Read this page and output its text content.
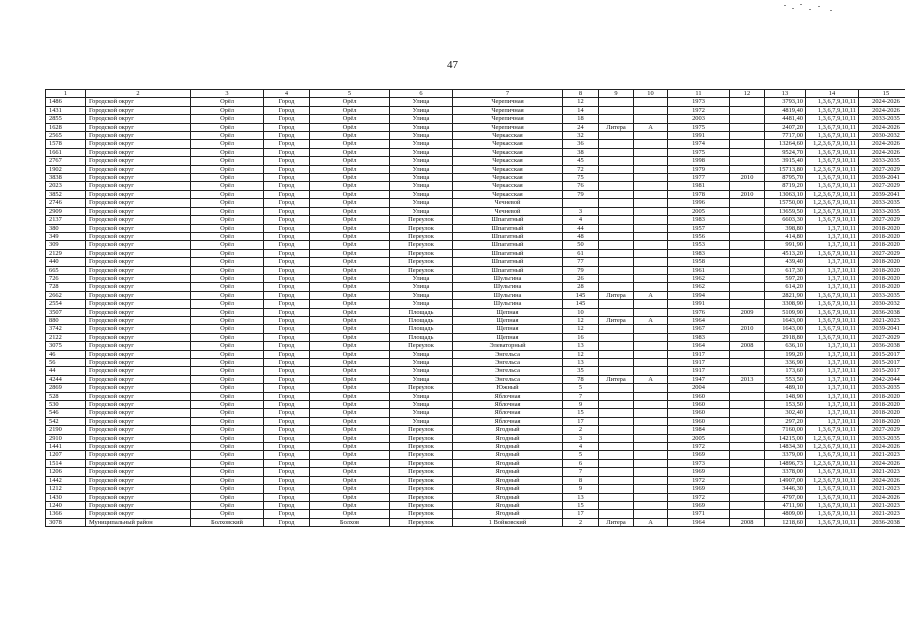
47
1	2	3	4	5	6	7	8	9	10	11	12	13	14	15
1486	Городской округ	Орёл	Город	Орёл	Улица	Черепичная	12			1973		3793,10	1,3,6,7,9,10,11	2024-2026
1431	Городской округ	Орёл	Город	Орёл	Улица	Черепичная	14			1972		4819,40	1,3,6,7,9,10,11	2024-2026
2855	Городской округ	Орёл	Город	Орёл	Улица	Черепичная	18			2003		4481,40	1,3,6,7,9,10,11	2033-2035
1628	Городской округ	Орёл	Город	Орёл	Улица	Черепичная	24	Литера	А	1975		2407,20	1,3,6,7,9,10,11	2024-2026
2565	Городской округ	Орёл	Город	Орёл	Улица	Черкасская	32			1991		7717,00	1,3,6,7,9,10,11	2030-2032
1578	Городской округ	Орёл	Город	Орёл	Улица	Черкасская	36			1974		13264,60	1,2,3,6,7,9,10,11	2024-2026
1661	Городской округ	Орёл	Город	Орёл	Улица	Черкасская	38			1975		9524,70	1,3,6,7,9,10,11	2024-2026
2767	Городской округ	Орёл	Город	Орёл	Улица	Черкасская	45			1998		3915,40	1,3,6,7,9,10,11	2033-2035
1902	Городской округ	Орёл	Город	Орёл	Улица	Черкасская	72			1979		15713,80	1,2,3,6,7,9,10,11	2027-2029
3838	Городской округ	Орёл	Город	Орёл	Улица	Черкасская	75			1977	2010	8795,70	1,3,6,7,9,10,11	2039-2041
2023	Городской округ	Орёл	Город	Орёл	Улица	Черкасская	76			1981		8719,20	1,3,6,7,9,10,11	2027-2029
3852	Городской округ	Орёл	Город	Орёл	Улица	Черкасская	79			1978	2010	13063,10	1,2,3,6,7,9,10,11	2039-2041
2746	Городской округ	Орёл	Город	Орёл	Улица	Чечневой				1996		15750,00	1,2,3,6,7,9,10,11	2033-2035
2909	Городской округ	Орёл	Город	Орёл	Улица	Чечневой	3			2005		13659,50	1,2,3,6,7,9,10,11	2033-2035
2137	Городской округ	Орёл	Город	Орёл	Переулок	Шпагатный	4			1983		6603,30	1,3,6,7,9,10,11	2027-2029
380	Городской округ	Орёл	Город	Орёл	Переулок	Шпагатный	44			1957		398,80	1,3,7,10,11	2018-2020
349	Городской округ	Орёл	Город	Орёл	Переулок	Шпагатный	48			1956		414,80	1,3,7,10,11	2018-2020
309	Городской округ	Орёл	Город	Орёл	Переулок	Шпагатный	50			1953		991,90	1,3,7,10,11	2018-2020
2129	Городской округ	Орёл	Город	Орёл	Переулок	Шпагатный	61			1983		4513,20	1,3,6,7,9,10,11	2027-2029
440	Городской округ	Орёл	Город	Орёл	Переулок	Шпагатный	77			1958		439,40	1,3,7,10,11	2018-2020
665	Городской округ	Орёл	Город	Орёл	Переулок	Шпагатный	79			1961		617,30	1,3,7,10,11	2018-2020
726	Городской округ	Орёл	Город	Орёл	Улица	Шульгина	26			1962		597,20	1,3,7,10,11	2018-2020
728	Городской округ	Орёл	Город	Орёл	Улица	Шульгина	28			1962		614,20	1,3,7,10,11	2018-2020
2662	Городской округ	Орёл	Город	Орёл	Улица	Шульгина	145	Литера	А	1994		2821,90	1,3,6,7,9,10,11	2033-2035
2554	Городской округ	Орёл	Город	Орёл	Улица	Шульгина	145			1991		3308,90	1,3,6,7,9,10,11	2030-2032
3507	Городской округ	Орёл	Город	Орёл	Площадь	Щепная	10			1976	2009	5109,90	1,3,6,7,9,10,11	2036-2038
880	Городской округ	Орёл	Город	Орёл	Площадь	Щепная	12	Литера	А	1964		1643,00	1,3,6,7,9,10,11	2021-2023
3742	Городской округ	Орёл	Город	Орёл	Площадь	Щепная	12			1967	2010	1643,00	1,3,6,7,9,10,11	2039-2041
2122	Городской округ	Орёл	Город	Орёл	Площадь	Щепная	16			1983		2918,80	1,3,6,7,9,10,11	2027-2029
3075	Городской округ	Орёл	Город	Орёл	Переулок	Элеваторный	13			1964	2008	636,10	1,3,7,10,11	2036-2038
46	Городской округ	Орёл	Город	Орёл	Улица	Энгельса	12			1917		199,20	1,3,7,10,11	2015-2017
56	Городской округ	Орёл	Город	Орёл	Улица	Энгельса	13			1917		336,90	1,3,7,10,11	2015-2017
44	Городской округ	Орёл	Город	Орёл	Улица	Энгельса	35			1917		173,60	1,3,7,10,11	2015-2017
4244	Городской округ	Орёл	Город	Орёл	Улица	Энгельса	78	Литера	А	1947	2013	553,50	1,3,7,10,11	2042-2044
2869	Городской округ	Орёл	Город	Орёл	Переулок	Южный	5			2004		489,10	1,3,7,10,11	2033-2035
528	Городской округ	Орёл	Город	Орёл	Улица	Яблочная	7			1960		148,90	1,3,7,10,11	2018-2020
530	Городской округ	Орёл	Город	Орёл	Улица	Яблочная	9			1960		153,50	1,3,7,10,11	2018-2020
546	Городской округ	Орёл	Город	Орёл	Улица	Яблочная	15			1960		302,40	1,3,7,10,11	2018-2020
542	Городской округ	Орёл	Город	Орёл	Улица	Яблочная	17			1960		297,20	1,3,7,10,11	2018-2020
2190	Городской округ	Орёл	Город	Орёл	Переулок	Ягодный	2			1984		7160,00	1,3,6,7,9,10,11	2027-2029
2910	Городской округ	Орёл	Город	Орёл	Переулок	Ягодный	3			2005		14215,00	1,2,3,6,7,9,10,11	2033-2035
1441	Городской округ	Орёл	Город	Орёл	Переулок	Ягодный	4			1972		14834,30	1,2,3,6,7,9,10,11	2024-2026
1207	Городской округ	Орёл	Город	Орёл	Переулок	Ягодный	5			1969		3379,00	1,3,6,7,9,10,11	2021-2023
1514	Городской округ	Орёл	Город	Орёл	Переулок	Ягодный	6			1973		14896,73	1,2,3,6,7,9,10,11	2024-2026
1206	Городской округ	Орёл	Город	Орёл	Переулок	Ягодный	7			1969		3378,00	1,3,6,7,9,10,11	2021-2023
1442	Городской округ	Орёл	Город	Орёл	Переулок	Ягодный	8			1972		14907,00	1,2,3,6,7,9,10,11	2024-2026
1212	Городской округ	Орёл	Город	Орёл	Переулок	Ягодный	9			1969		3446,30	1,3,6,7,9,10,11	2021-2023
1430	Городской округ	Орёл	Город	Орёл	Переулок	Ягодный	13			1972		4797,00	1,3,6,7,9,10,11	2024-2026
1240	Городской округ	Орёл	Город	Орёл	Переулок	Ягодный	15			1969		4711,90	1,3,6,7,9,10,11	2021-2023
1366	Городской округ	Орёл	Город	Орёл	Переулок	Ягодный	17			1971		4809,00	1,3,6,7,9,10,11	2021-2023
3078	Муниципальный район	Болховский	Город	Болхов	Переулок	1 Войковский	2	Литера	А	1964	2008	1218,60	1,3,6,7,9,10,11	2036-2038
